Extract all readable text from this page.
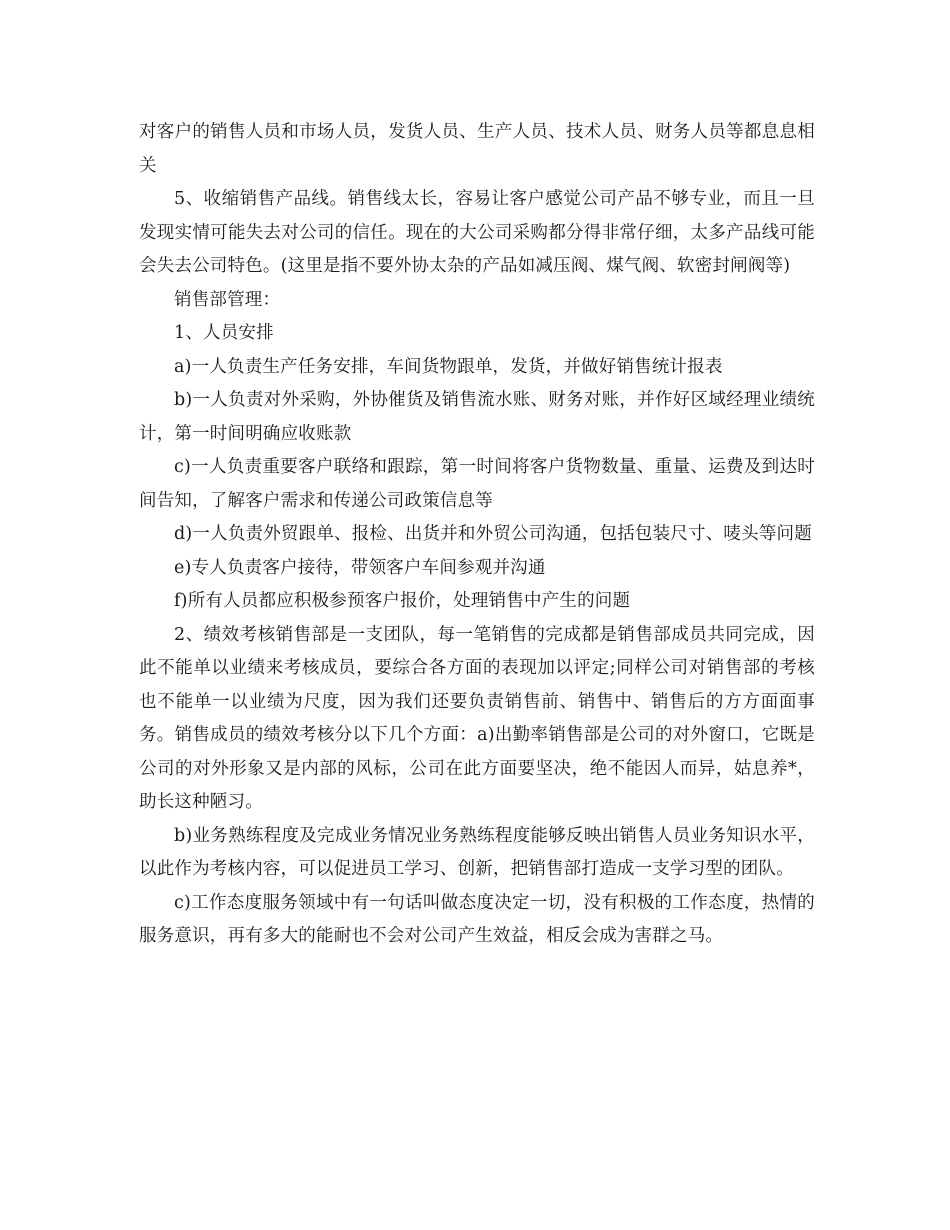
对客户的销售人员和市场人员，发货人员、生产人员、技术人员、财务人员等都息息相关

5、收缩销售产品线。销售线太长，容易让客户感觉公司产品不够专业，而且一旦发现实情可能失去对公司的信任。现在的大公司采购都分得非常仔细，太多产品线可能会失去公司特色。(这里是指不要外协太杂的产品如减压阀、煤气阀、软密封闸阀等)

销售部管理：

1、人员安排

a)一人负责生产任务安排，车间货物跟单，发货，并做好销售统计报表

b)一人负责对外采购，外协催货及销售流水账、财务对账，并作好区域经理业绩统计，第一时间明确应收账款

c)一人负责重要客户联络和跟踪，第一时间将客户货物数量、重量、运费及到达时间告知，了解客户需求和传递公司政策信息等

d)一人负责外贸跟单、报检、出货并和外贸公司沟通，包括包装尺寸、唛头等问题

e)专人负责客户接待，带领客户车间参观并沟通

f)所有人员都应积极参预客户报价，处理销售中产生的问题

2、绩效考核销售部是一支团队，每一笔销售的完成都是销售部成员共同完成，因此不能单以业绩来考核成员，要综合各方面的表现加以评定;同样公司对销售部的考核也不能单一以业绩为尺度，因为我们还要负责销售前、销售中、销售后的方方面面事务。销售成员的绩效考核分以下几个方面：a)出勤率销售部是公司的对外窗口，它既是公司的对外形象又是内部的风标，公司在此方面要坚决，绝不能因人而异，姑息养*，助长这种陋习。

b)业务熟练程度及完成业务情况业务熟练程度能够反映出销售人员业务知识水平，以此作为考核内容，可以促进员工学习、创新，把销售部打造成一支学习型的团队。

c)工作态度服务领域中有一句话叫做态度决定一切，没有积极的工作态度，热情的服务意识，再有多大的能耐也不会对公司产生效益，相反会成为害群之马。
